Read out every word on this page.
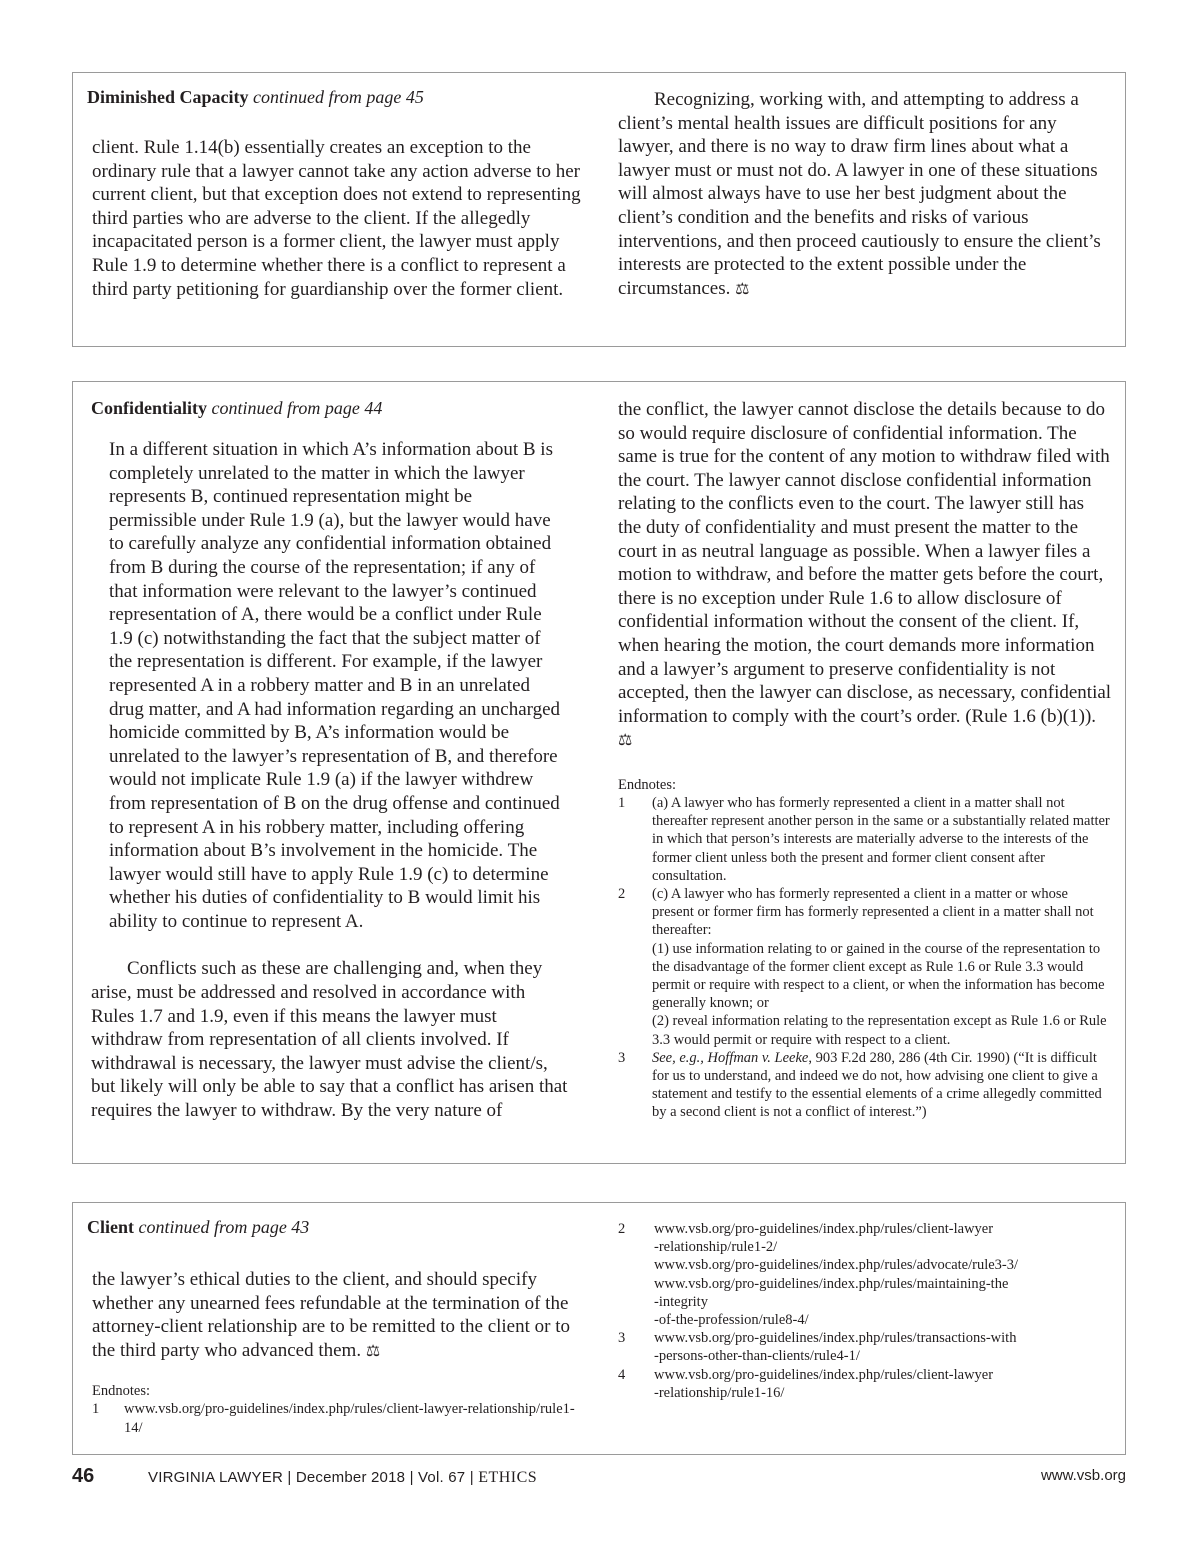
Diminished Capacity continued from page 45

client. Rule 1.14(b) essentially creates an exception to the ordinary rule that a lawyer cannot take any action adverse to her current client, but that exception does not extend to representing third parties who are adverse to the client. If the allegedly incapacitated person is a former client, the lawyer must apply Rule 1.9 to determine whether there is a conflict to represent a third party petitioning for guardianship over the former client.

Recognizing, working with, and attempting to address a client’s mental health issues are difficult positions for any lawyer, and there is no way to draw firm lines about what a lawyer must or must not do. A lawyer in one of these situations will almost always have to use her best judgment about the client’s condition and the benefits and risks of various interventions, and then proceed cautiously to ensure the client’s interests are protected to the extent possible under the circumstances. ⚖

Confidentiality continued from page 44

In a different situation in which A’s information about B is completely unrelated to the matter in which the lawyer represents B, continued representation might be permissible under Rule 1.9 (a), but the lawyer would have to carefully analyze any confidential information obtained from B during the course of the representation; if any of that information were relevant to the lawyer’s continued representation of A, there would be a conflict under Rule 1.9 (c) notwithstanding the fact that the subject matter of the representation is different. For example, if the lawyer represented A in a robbery matter and B in an unrelated drug matter, and A had information regarding an uncharged homicide committed by B, A’s information would be unrelated to the lawyer’s representation of B, and therefore would not implicate Rule 1.9 (a) if the lawyer withdrew from representation of B on the drug offense and continued to represent A in his robbery matter, including offering information about B’s involvement in the homicide. The lawyer would still have to apply Rule 1.9 (c) to determine whether his duties of confidentiality to B would limit his ability to continue to represent A.

Conflicts such as these are challenging and, when they arise, must be addressed and resolved in accordance with Rules 1.7 and 1.9, even if this means the lawyer must withdraw from representation of all clients involved. If withdrawal is necessary, the lawyer must advise the client/s, but likely will only be able to say that a conflict has arisen that requires the lawyer to withdraw. By the very nature of

the conflict, the lawyer cannot disclose the details because to do so would require disclosure of confidential information. The same is true for the content of any motion to withdraw filed with the court. The lawyer cannot disclose confidential information relating to the conflicts even to the court. The lawyer still has the duty of confidentiality and must present the matter to the court in as neutral language as possible. When a lawyer files a motion to withdraw, and before the matter gets before the court, there is no exception under Rule 1.6 to allow disclosure of confidential information without the consent of the client. If, when hearing the motion, the court demands more information and a lawyer’s argument to preserve confidentiality is not accepted, then the lawyer can disclose, as necessary, confidential information to comply with the court’s order. (Rule 1.6 (b)(1)). ⚖

Endnotes:

1	(a) A lawyer who has formerly represented a client in a matter shall not thereafter represent another person in the same or a substantially related matter in which that person’s interests are materially adverse to the interests of the former client unless both the present and former client consent after consultation.
2	(c) A lawyer who has formerly represented a client in a matter or whose present or former firm has formerly represented a client in a matter shall not thereafter:
(1) use information relating to or gained in the course of the representation to the disadvantage of the former client except as Rule 1.6 or Rule 3.3 would permit or require with respect to a client, or when the information has become generally known; or
(2) reveal information relating to the representation except as Rule 1.6 or Rule 3.3 would permit or require with respect to a client.
3	See, e.g., Hoffman v. Leeke, 903 F.2d 280, 286 (4th Cir. 1990) (“It is difficult for us to understand, and indeed we do not, how advising one client to give a statement and testify to the essential elements of a crime allegedly committed by a second client is not a conflict of interest.”)

Client continued from page 43

the lawyer’s ethical duties to the client, and should specify whether any unearned fees refundable at the termination of the attorney-client relationship are to be remitted to the client or to the third party who advanced them. ⚖

Endnotes:

1	www.vsb.org/pro-guidelines/index.php/rules/client-lawyer-relationship/rule1-14/
2	www.vsb.org/pro-guidelines/index.php/rules/client-lawyer
-relationship/rule1-2/
www.vsb.org/pro-guidelines/index.php/rules/advocate/rule3-3/
www.vsb.org/pro-guidelines/index.php/rules/maintaining-the
-integrity
-of-the-profession/rule8-4/
3	www.vsb.org/pro-guidelines/index.php/rules/transactions-with
-persons-other-than-clients/rule4-1/
4	www.vsb.org/pro-guidelines/index.php/rules/client-lawyer
-relationship/rule1-16/
46	VIRGINIA LAWYER | December 2018 | Vol. 67 | ETHICS	www.vsb.org
